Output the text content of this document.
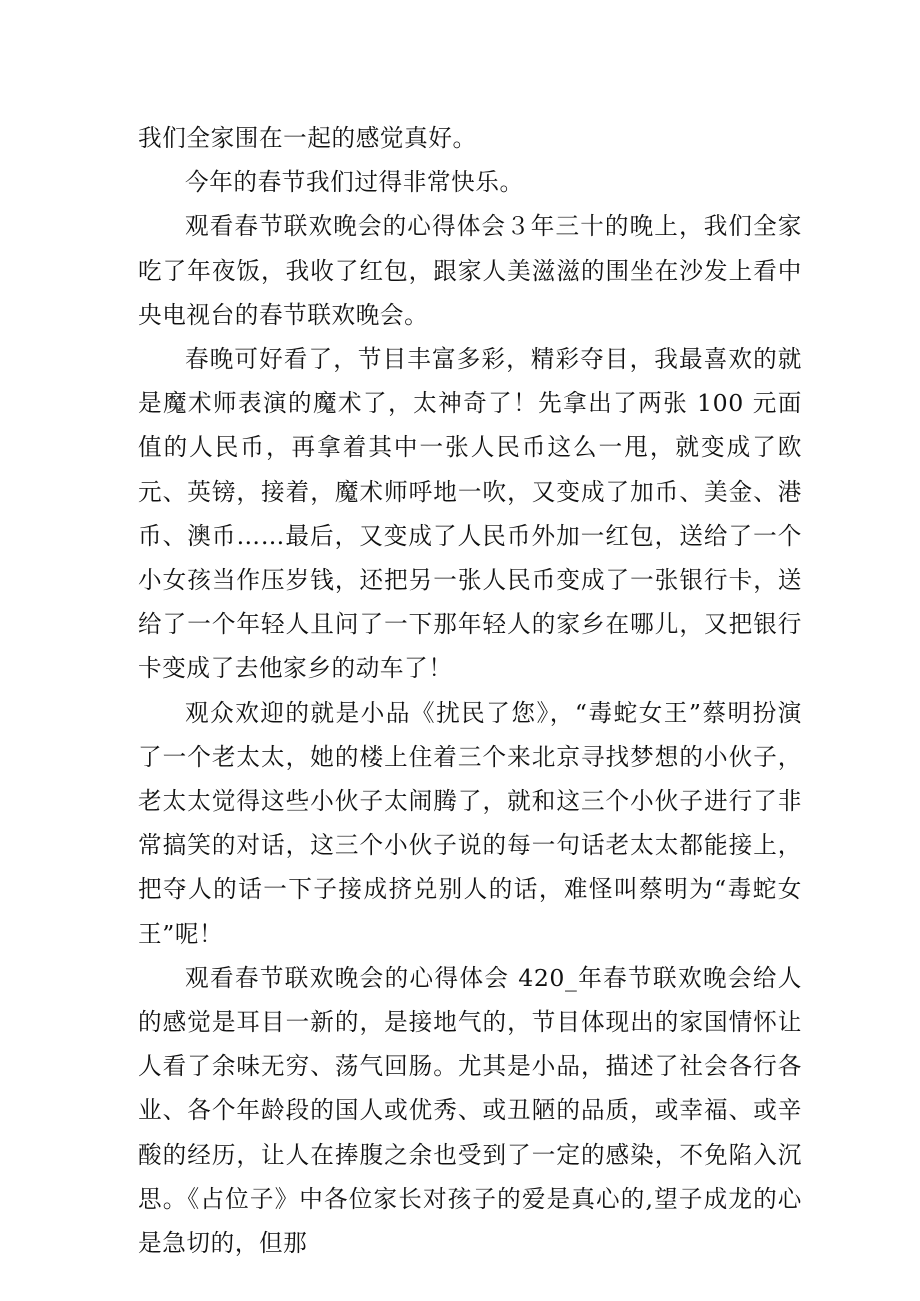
我们全家围在一起的感觉真好。

今年的春节我们过得非常快乐。

观看春节联欢晚会的心得体会３年三十的晚上，我们全家吃了年夜饭，我收了红包，跟家人美滋滋的围坐在沙发上看中央电视台的春节联欢晚会。

春晚可好看了，节目丰富多彩，精彩夺目，我最喜欢的就是魔术师表演的魔术了，太神奇了！先拿出了两张 100 元面值的人民币，再拿着其中一张人民币这么一甩，就变成了欧元、英镑，接着，魔术师呼地一吹，又变成了加币、美金、港币、澳币……最后，又变成了人民币外加一红包，送给了一个小女孩当作压岁钱，还把另一张人民币变成了一张银行卡，送给了一个年轻人且问了一下那年轻人的家乡在哪儿，又把银行卡变成了去他家乡的动车了！

观众欢迎的就是小品《扰民了您》，“毒蛇女王”蔡明扮演了一个老太太，她的楼上住着三个来北京寻找梦想的小伙子，老太太觉得这些小伙子太闹腾了，就和这三个小伙子进行了非常搞笑的对话，这三个小伙子说的每一句话老太太都能接上，把夺人的话一下子接成挤兑别人的话，难怪叫蔡明为“毒蛇女王”呢！

观看春节联欢晚会的心得体会 420_年春节联欢晚会给人的感觉是耳目一新的，是接地气的，节目体现出的家国情怀让人看了余味无穷、荡气回肠。尤其是小品，描述了社会各行各业、各个年龄段的国人或优秀、或丑陋的品质，或幸福、或辛酸的经历，让人在捧腹之余也受到了一定的感染，不免陷入沉思。《占位子》中各位家长对孩子的爱是真心的,望子成龙的心是急切的，但那
